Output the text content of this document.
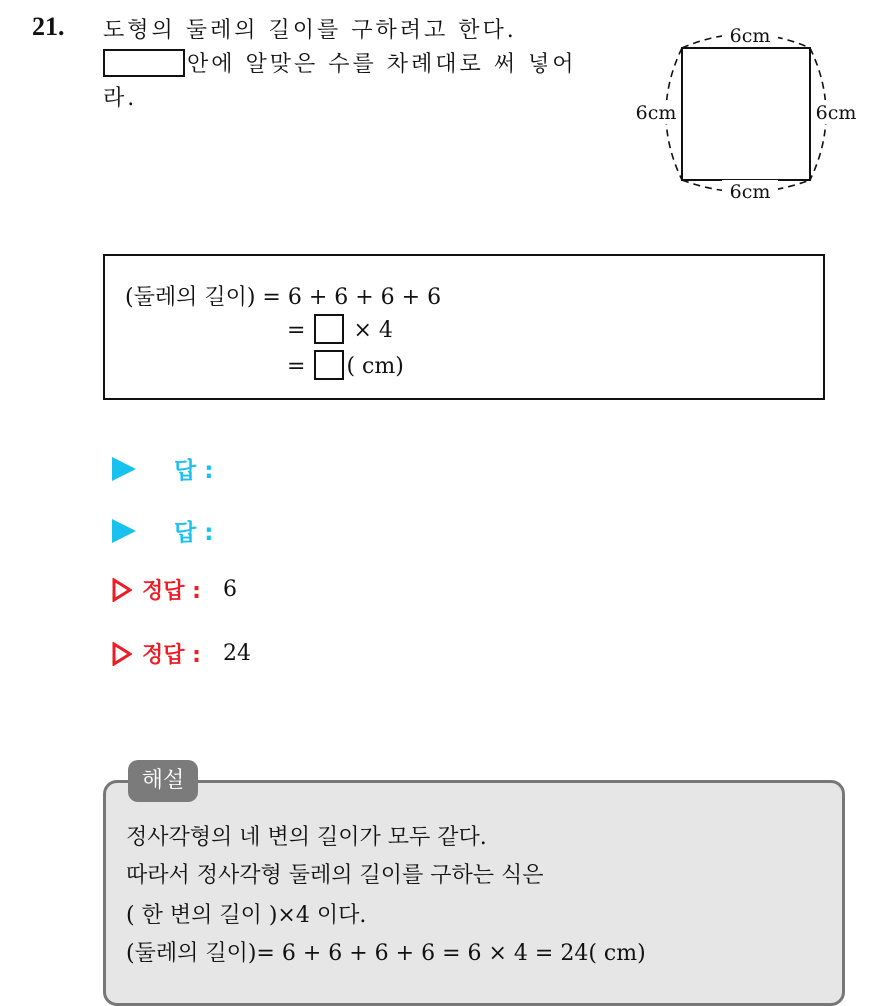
21. 도형의 둘레의 길이를 구하려고 한다.
안에 알맞은 수를 차례대로 써 넣어
라.
6cm
6cm
6cm	6cm
(둘레의 길이) = 6 + 6 + 6 + 6
= × 4
= ( cm)
답 :
답 :
정답 : 6
정답 : 24
해설
정사각형의 네 변의 길이가 모두 같다.
따라서 정사각형 둘레의 길이를 구하는 식은
( 한 변의 길이 )×4 이다.
(둘레의 길이)= 6 + 6 + 6 + 6 = 6 × 4 = 24( cm)
